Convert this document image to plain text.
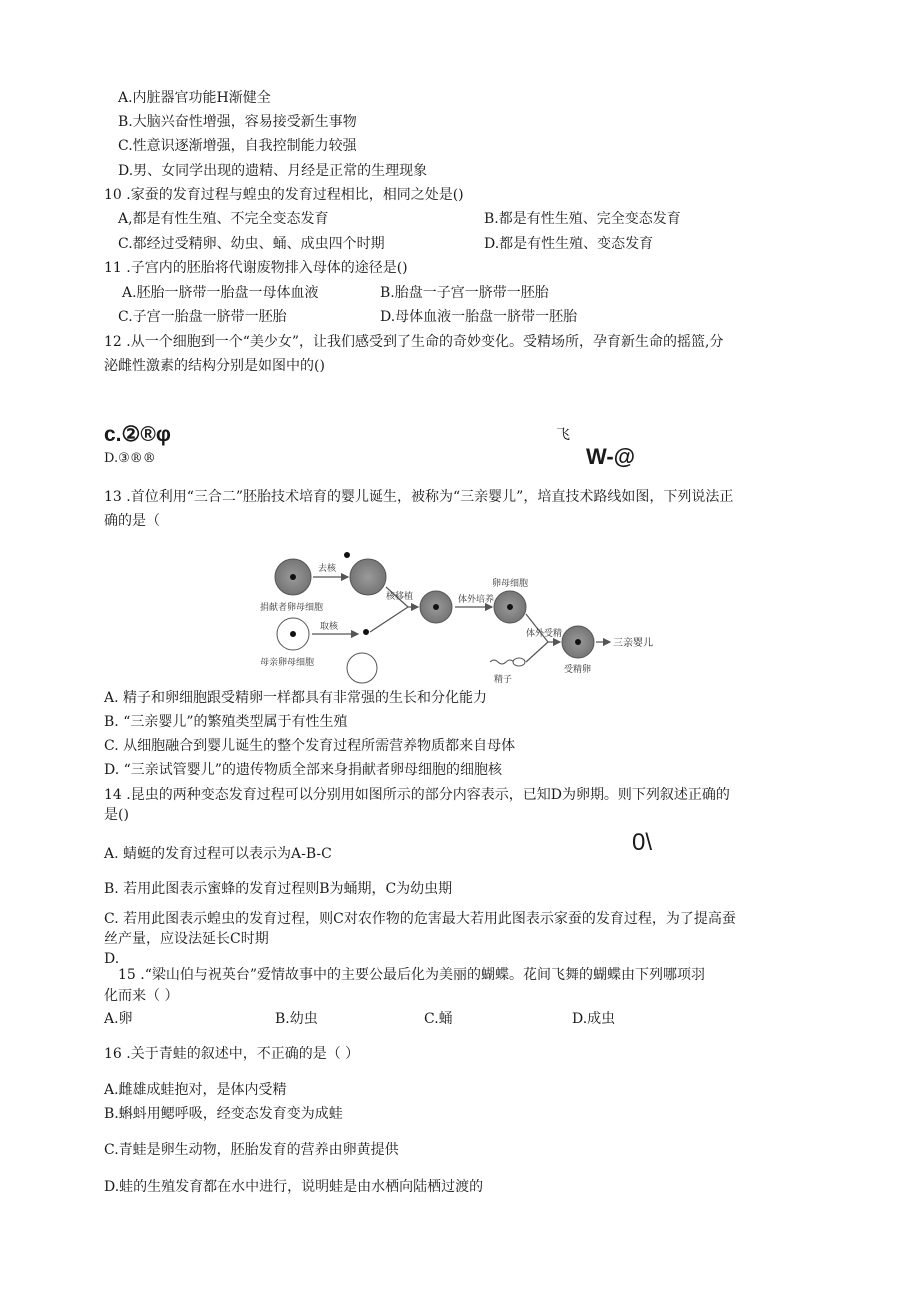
A.内脏器官功能H渐健全
B.大脑兴奋性增强，容易接受新生事物
C.性意识逐渐增强，自我控制能力较强
D.男、女同学出现的遗精、月经是正常的生理现象
10 .家蚕的发育过程与蝗虫的发育过程相比，相同之处是()
A,都是有性生殖、不完全变态发育	B.都是有性生殖、完全变态发育
C.都经过受精卵、幼虫、蛹、成虫四个时期	D.都是有性生殖、变态发育
11 .子宫内的胚胎将代谢废物排入母体的途径是()
A.胚胎一脐带一胎盘一母体血液	B.胎盘一子宫一脐带一胚胎
C.子宫一胎盘一脐带一胚胎	D.母体血液一胎盘一脐带一胚胎
12 .从一个细胞到一个“美少女”，让我们感受到了生命的奇妙变化。受精场所，孕育新生命的摇篮,分
泌雌性激素的结构分别是如图中的()
c.②®φ
D.③®®
飞
W-@
13 .首位利用“三合二”胚胎技术培育的婴儿诞生，被称为“三亲婴儿”，培直技术路线如图，下列说法正
确的是（
捐献者卵母细胞
去核
母亲卵母细胞
取核
核移植	体外培养
卵母细胞
体外受精
精子
受精卵
三亲婴儿
A. 精子和卵细胞跟受精卵一样都具有非常强的生长和分化能力
B. “三亲婴儿”的繁殖类型属于有性生殖
C. 从细胞融合到婴儿诞生的整个发育过程所需营养物质都来自母体
D. “三亲试管婴儿”的遗传物质全部来身捐献者卵母细胞的细胞核
14 .昆虫的两种变态发育过程可以分别用如图所示的部分内容表示，已知D为卵期。则下列叙述正确的
是()
0\
A. 蜻蜓的发育过程可以表示为A-B-C
B. 若用此图表示蜜蜂的发育过程则B为蛹期，C为幼虫期
C. 若用此图表示蝗虫的发育过程，则C对农作物的危害最大若用此图表示家蚕的发育过程，为了提高蚕
丝产量，应设法延长C时期
D.
15 .“梁山伯与祝英台”爱情故事中的主要公最后化为美丽的蝴蝶。花间飞舞的蝴蝶由下列哪项羽
化而来（ ）
A.卵	B.幼虫	C.蛹	D.成虫
16 .关于青蛙的叙述中，不正确的是（ ）
A.雌雄成蛙抱对，是体内受精
B.蝌蚪用鳃呼吸，经变态发育变为成蛙
C.青蛙是卵生动物，胚胎发育的营养由卵黄提供
D.蛙的生殖发育都在水中进行，说明蛙是由水栖向陆栖过渡的
